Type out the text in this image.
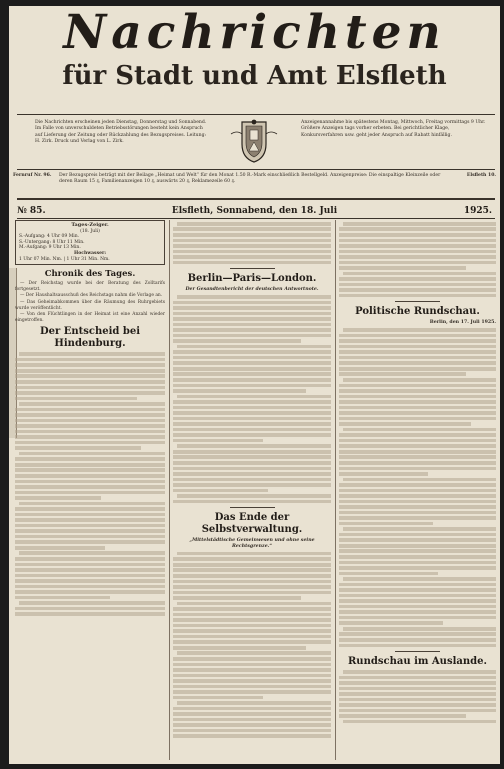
Nachrichten
für Stadt und Amt Elsfleth
Die Nachrichten erscheinen jeden Dienstag, Donnerstag und Sonnabend. Im Falle von unverschuldeten Betriebsstörungen besteht kein Anspruch auf Lieferung der Zeitung oder Rückzahlung des Bezugspreises. Leitung: H. Zirk. Druck und Verlag von L. Zirk.
Anzeigenannahme bis spätestens Montag, Mittwoch, Freitag vormittags 9 Uhr. Größere Anzeigen tags vorher erbeten. Bei gerichtlicher Klage, Konkursverfahren usw. geht jeder Anspruch auf Rabatt hinfällig.
Fernruf Nr. 96.	Der Bezugspreis beträgt mit der Beilage „Heimat und Welt“ für den Monat 1.50 R.-Mark einschließlich Bestellgeld. Anzeigenpreise: Die einspaltige Kleinzeile oder deren Raum 15 ₰, Familienanzeigen 10 ₰, auswärts 20 ₰, Reklamezeile 60 ₰.
Elsfleth 10.
№ 85.	Elsfleth, Sonnabend, den 18. Juli	1925.
Tages-Zeiger.
(18. Juli)
S.-Aufgang: 4 Uhr 09 Min.
S.-Untergang: 8 Uhr 11 Min.
M.-Aufgang: 9 Uhr 13 Min.
Hochwasser:
1 Uhr 07 Min. Nm. | 1 Uhr 31 Min. Nm.
Chronik des Tages.

— Der Reichstag wurde bei der Beratung des Zolltarifs fortgesetzt.

— Der Haushaltsausschuß des Reichstags nahm die Vorlage an.

— Das Geheimabkommen über die Räumung des Ruhrgebiets wurde veröffentlicht.

— Von den Flüchtlingen in der Heimat ist eine Anzahl wieder eingetroffen.

Der Entscheid bei Hindenburg.
Berlin—Paris—London.
Der Gesandtenbericht der deutschen Antwortnote.
Das Ende der Selbstverwaltung.
„Mittelstädtische Gemeinwesen und ohne seine Rechtsgrenze.“
Politische Rundschau.
Berlin, den 17. Juli 1925.
Rundschau im Auslande.
